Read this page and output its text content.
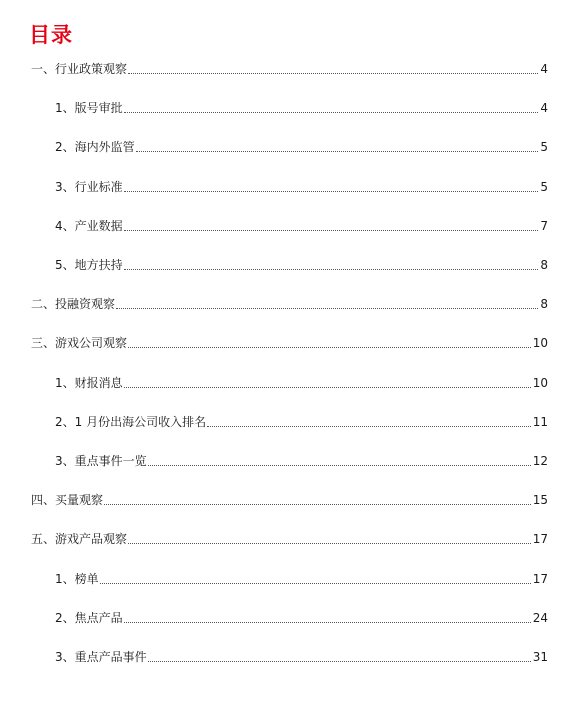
目录
一、行业政策观察	4
1、版号审批	4
2、海内外监管	5
3、行业标准	5
4、产业数据	7
5、地方扶持	8
二、投融资观察	8
三、游戏公司观察	10
1、财报消息	10
2、1 月份出海公司收入排名	11
3、重点事件一览	12
四、买量观察	15
五、游戏产品观察	17
1、榜单	17
2、焦点产品	24
3、重点产品事件	31
